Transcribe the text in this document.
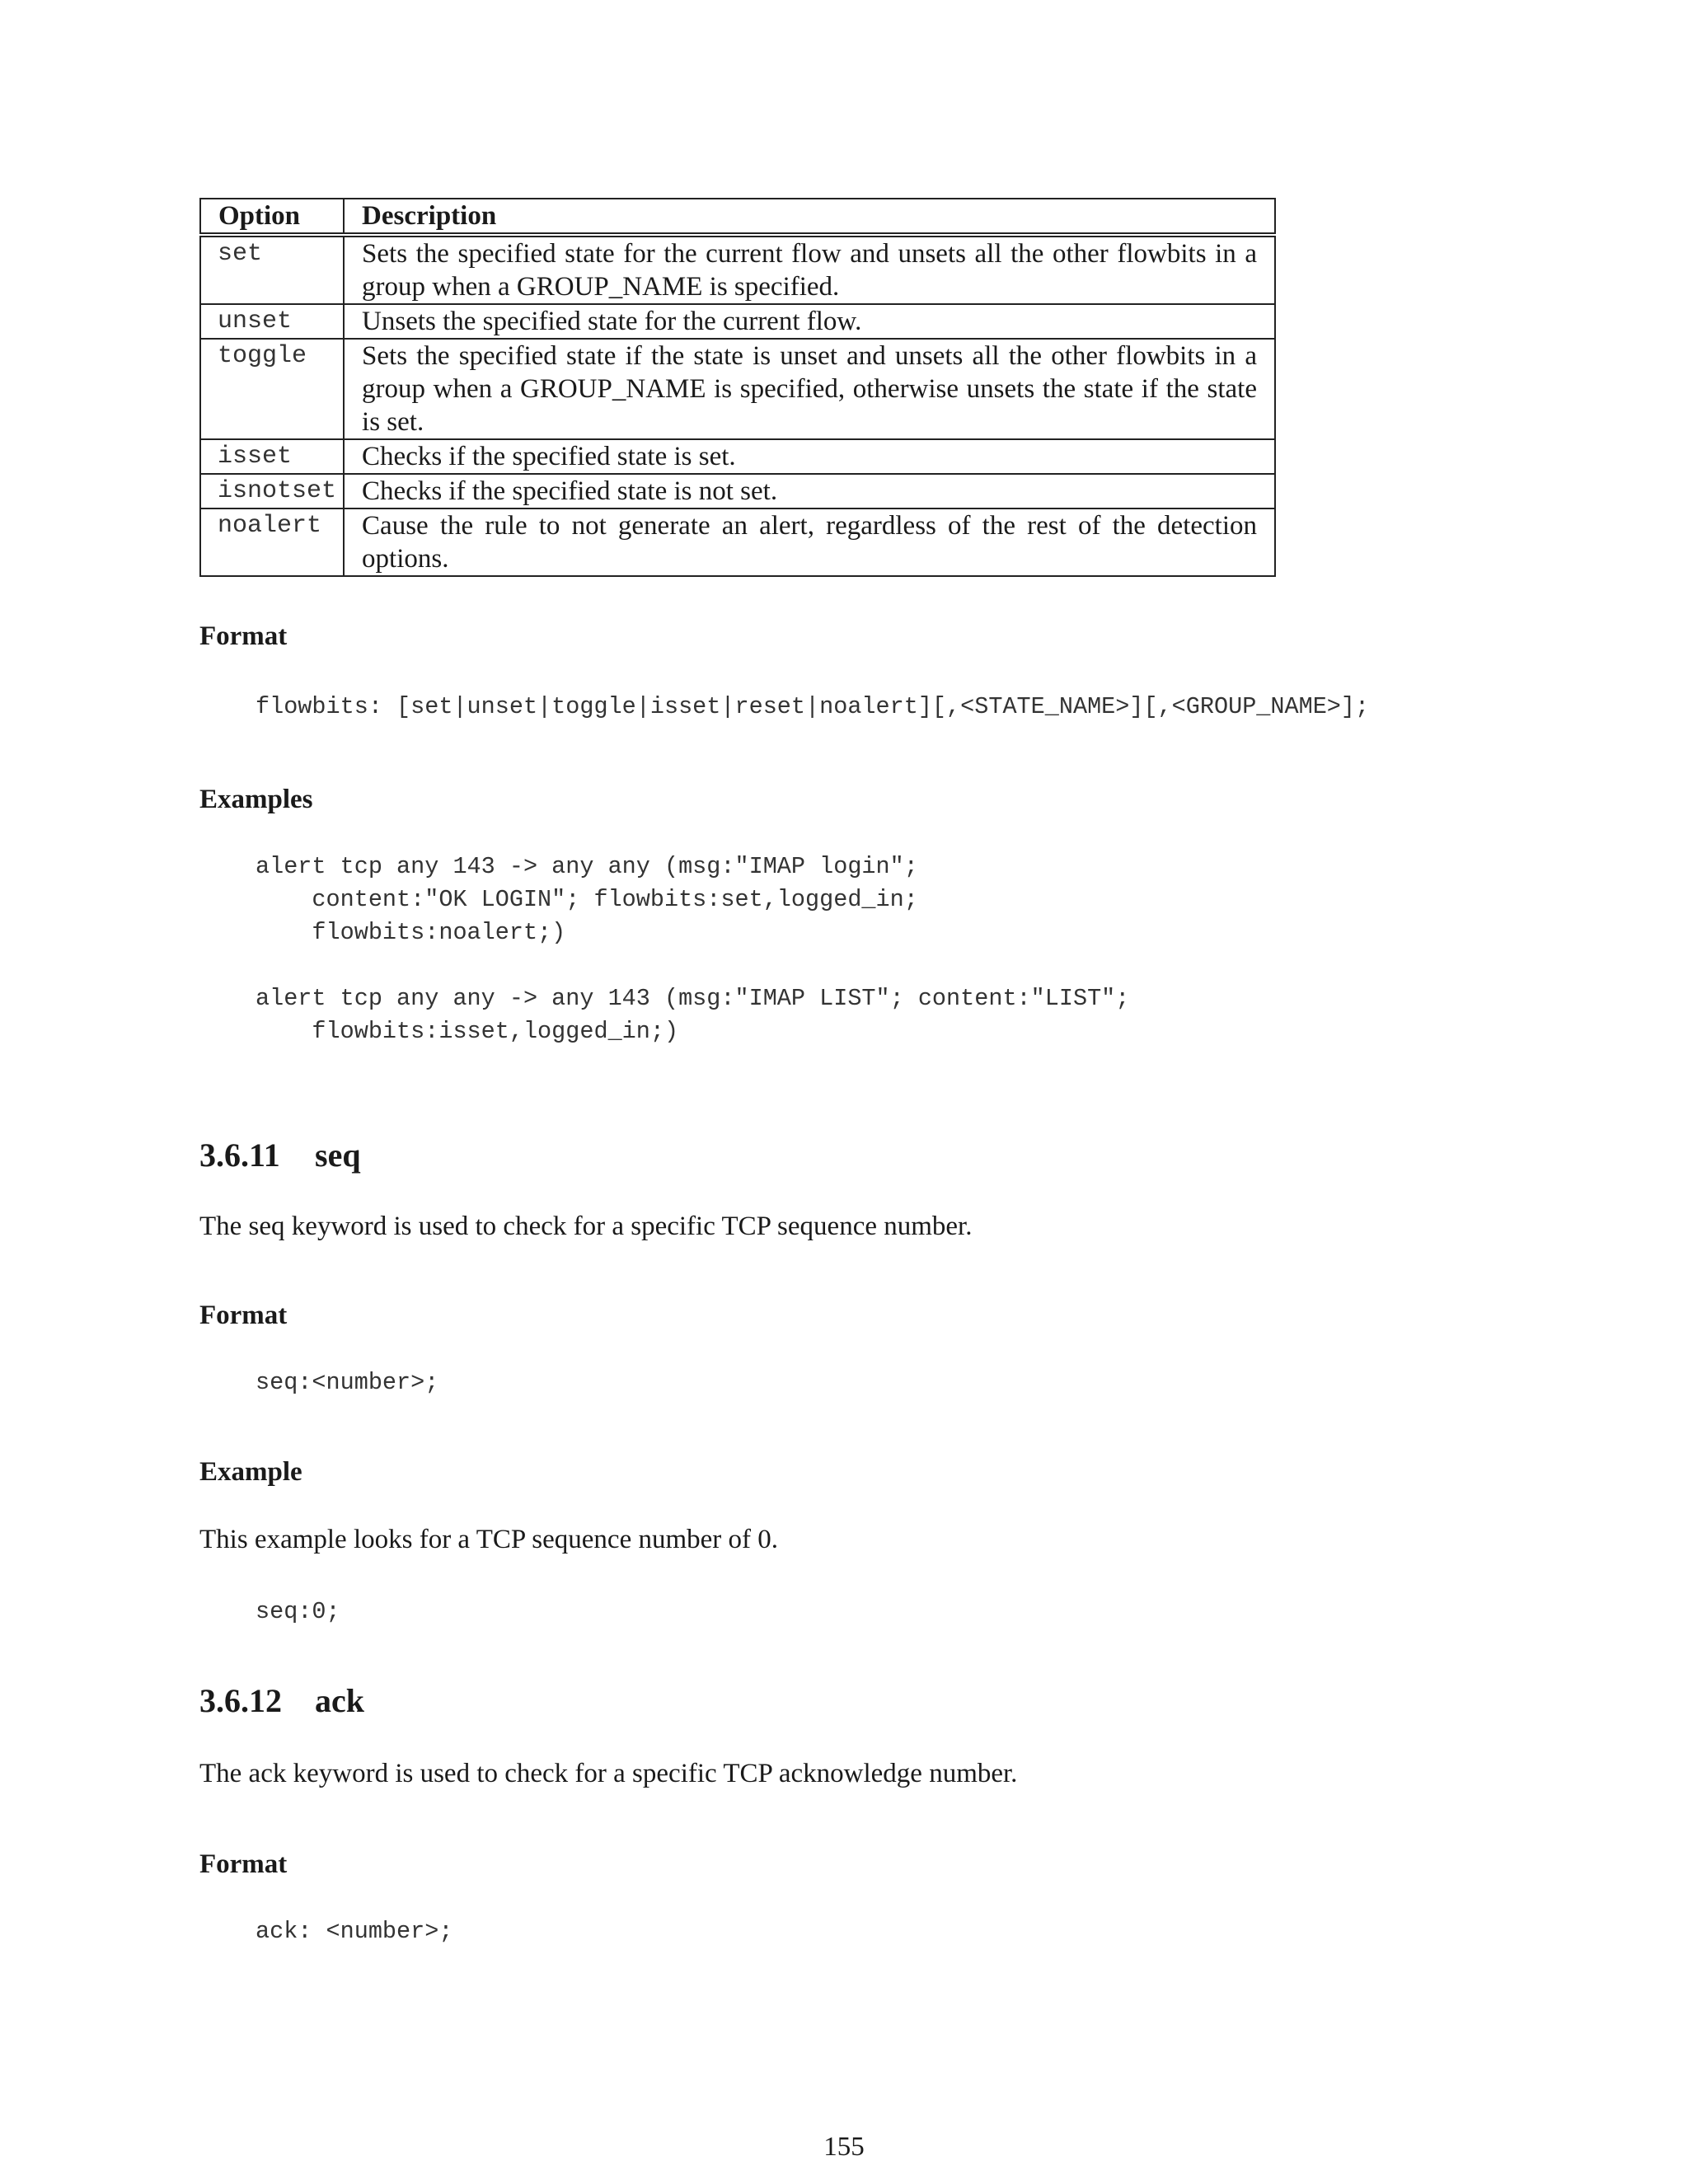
Option	Description
set	Sets the specified state for the current flow and unsets all the other flowbits in a group when a GROUP_NAME is specified.
unset	Unsets the specified state for the current flow.
toggle	Sets the specified state if the state is unset and unsets all the other flowbits in a group when a GROUP_NAME is specified, otherwise unsets the state if the state is set.
isset	Checks if the specified state is set.
isnotset	Checks if the specified state is not set.
noalert	Cause the rule to not generate an alert, regardless of the rest of the detection options.

Format

flowbits: [set|unset|toggle|isset|reset|noalert][,<STATE_NAME>][,<GROUP_NAME>];

Examples

alert tcp any 143 -> any any (msg:"IMAP login";
content:"OK LOGIN"; flowbits:set,logged_in;
flowbits:noalert;)
alert tcp any any -> any 143 (msg:"IMAP LIST"; content:"LIST";
flowbits:isset,logged_in;)
3.6.11 seq

The seq keyword is used to check for a specific TCP sequence number.

Format

seq:<number>;

Example

This example looks for a TCP sequence number of 0.

seq:0;
3.6.12 ack

The ack keyword is used to check for a specific TCP acknowledge number.

Format

ack: <number>;

155
